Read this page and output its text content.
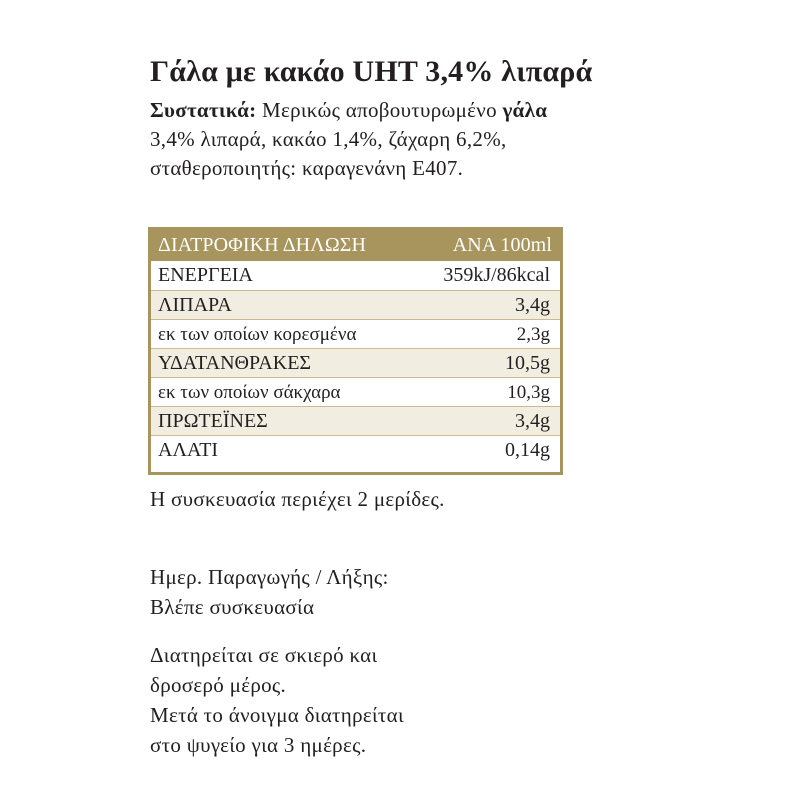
Γάλα με κακάο UHT 3,4% λιπαρά
Συστατικά: Μερικώς αποβουτυρωμένο γάλα
3,4% λιπαρά, κακάο 1,4%, ζάχαρη 6,2%,
σταθεροποιητής: καραγενάνη E407.
ΔΙΑΤΡΟΦΙΚΗ ΔΗΛΩΣΗ	ΑΝΑ 100ml
ΕΝΕΡΓΕΙΑ	359kJ/86kcal
ΛΙΠΑΡΑ	3,4g
εκ των οποίων κορεσμένα	2,3g
ΥΔΑΤΑΝΘΡΑΚΕΣ	10,5g
εκ των οποίων σάκχαρα	10,3g
ΠΡΩΤΕΪΝΕΣ	3,4g
ΑΛΑΤΙ	0,14g
Η συσκευασία περιέχει 2 μερίδες.
Ημερ. Παραγωγής / Λήξης:
Βλέπε συσκευασία
Διατηρείται σε σκιερό και
δροσερό μέρος.
Μετά το άνοιγμα διατηρείται
στο ψυγείο για 3 ημέρες.
